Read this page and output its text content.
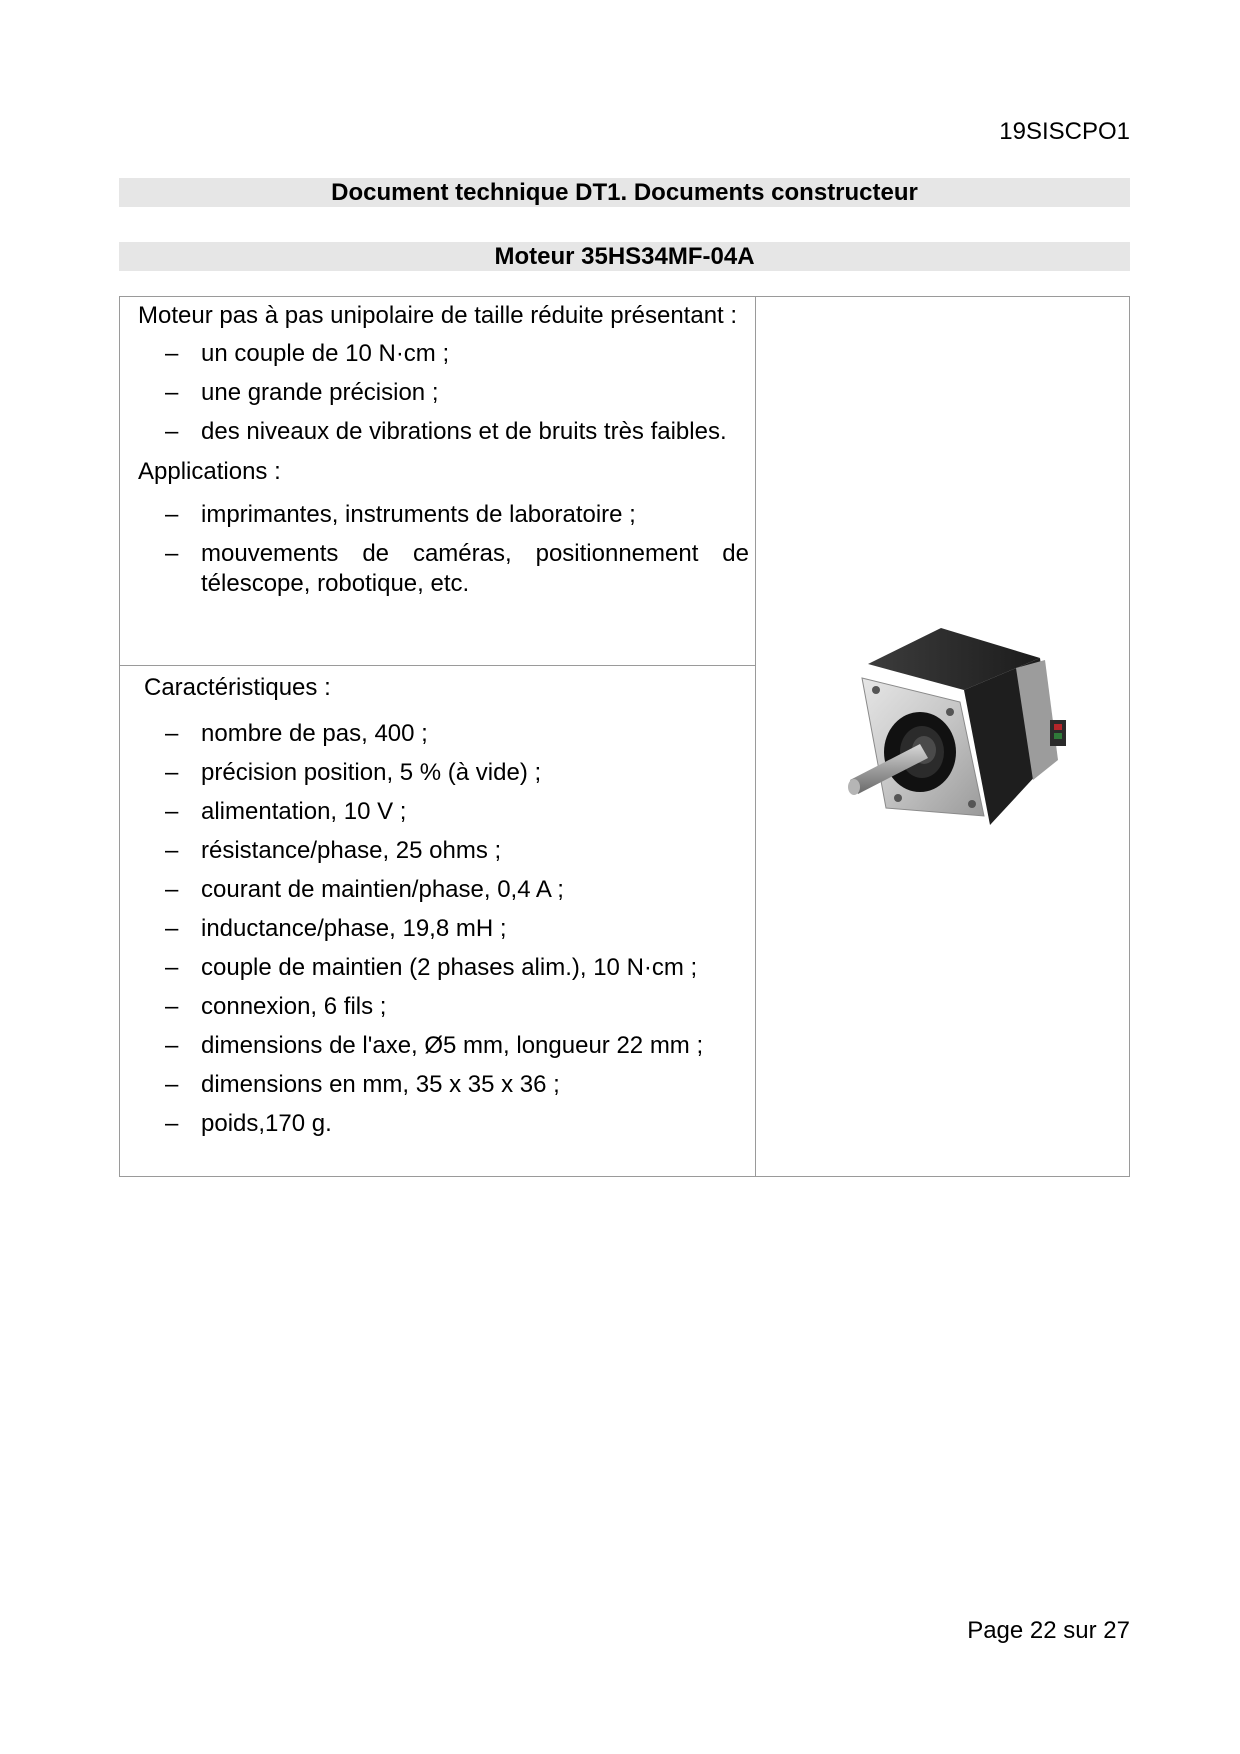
19SISCPO1
Document technique DT1. Documents constructeur
Moteur 35HS34MF-04A

Moteur pas à pas unipolaire de taille réduite présentant :

– un couple de 10 N·cm ;
– une grande précision ;
– des niveaux de vibrations et de bruits très faibles.

Applications :

– imprimantes, instruments de laboratoire ;
– mouvements de caméras, positionnement de télescope, robotique, etc.

Caractéristiques :

– nombre de pas, 400 ;
– précision position, 5 % (à vide) ;
– alimentation, 10 V ;
– résistance/phase, 25 ohms ;
– courant de maintien/phase, 0,4 A ;
– inductance/phase, 19,8 mH ;
– couple de maintien (2 phases alim.), 10 N·cm ;
– connexion, 6 fils ;
– dimensions de l'axe, Ø5 mm, longueur 22 mm ;
– dimensions en mm, 35 x 35 x 36 ;
– poids,170 g.
Page 22 sur 27
